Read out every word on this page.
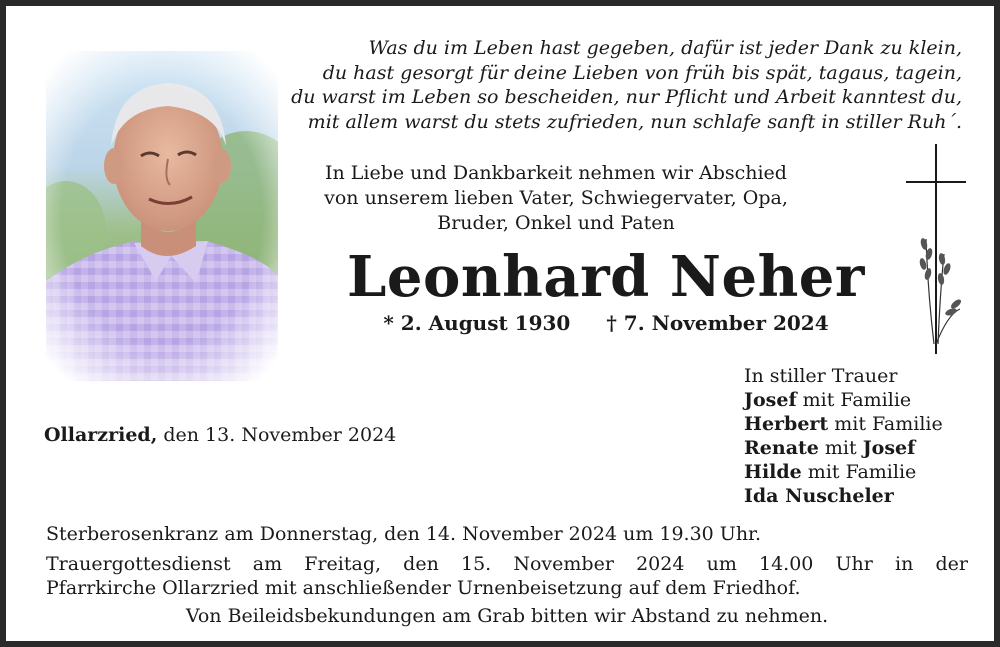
Was du im Leben hast gegeben, dafür ist jeder Dank zu klein,
du hast gesorgt für deine Lieben von früh bis spät, tagaus, tagein,
du warst im Leben so bescheiden, nur Pflicht und Arbeit kanntest du,
mit allem warst du stets zufrieden, nun schlafe sanft in stiller Ruh´.
In Liebe und Dankbarkeit nehmen wir Abschied
von unserem lieben Vater, Schwiegervater, Opa,
Bruder, Onkel und Paten
Leonhard Neher
* 2. August 1930 † 7. November 2024
In stiller Trauer
Josef mit Familie
Herbert mit Familie
Renate mit Josef
Hilde mit Familie
Ida Nuscheler
Ollarzried, den 13. November 2024
Sterberosenkranz am Donnerstag, den 14. November 2024 um 19.30 Uhr.
Trauergottesdienst am Freitag, den 15. November 2024 um 14.00 Uhr in der
Pfarrkirche Ollarzried mit anschließender Urnenbeisetzung auf dem Friedhof.
Von Beileidsbekundungen am Grab bitten wir Abstand zu nehmen.
